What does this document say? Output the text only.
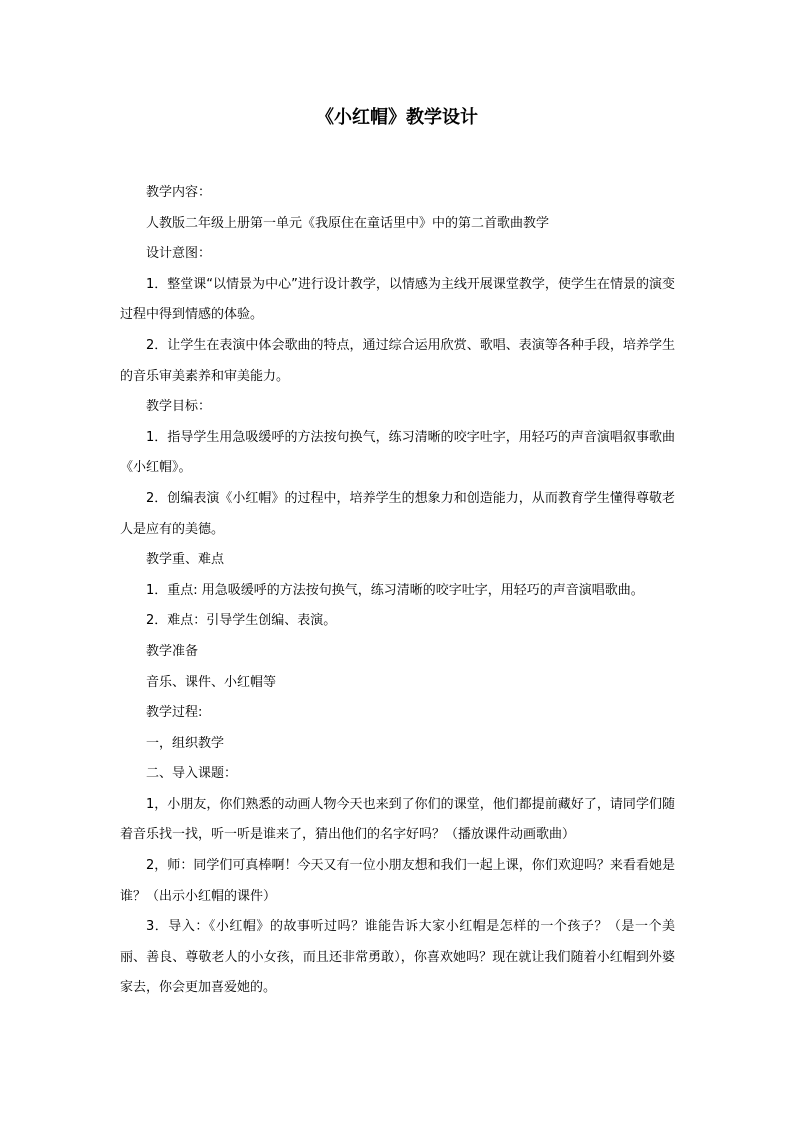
《小红帽》教学设计

教学内容：

人教版二年级上册第一单元《我原住在童话里中》中的第二首歌曲教学

设计意图：

1．整堂课“以情景为中心”进行设计教学，以情感为主线开展课堂教学，使学生在情景的演变过程中得到情感的体验。

2．让学生在表演中体会歌曲的特点，通过综合运用欣赏、歌唱、表演等各种手段，培养学生的音乐审美素养和审美能力。

教学目标：

1．指导学生用急吸缓呼的方法按句换气，练习清晰的咬字吐字，用轻巧的声音演唱叙事歌曲《小红帽》。

2．创编表演《小红帽》的过程中，培养学生的想象力和创造能力，从而教育学生懂得尊敬老人是应有的美德。

教学重、难点

1．重点: 用急吸缓呼的方法按句换气，练习清晰的咬字吐字，用轻巧的声音演唱歌曲。

2．难点：引导学生创编、表演。

教学准备

音乐、课件、小红帽等

教学过程:

一，组织教学

二、导入课题：

1，小朋友，你们熟悉的动画人物今天也来到了你们的课堂，他们都提前藏好了，请同学们随着音乐找一找，听一听是谁来了，猜出他们的名字好吗？（播放课件动画歌曲）

2，师：同学们可真棒啊！今天又有一位小朋友想和我们一起上课，你们欢迎吗？来看看她是谁？（出示小红帽的课件）

3．导入：《小红帽》的故事听过吗？谁能告诉大家小红帽是怎样的一个孩子？（是一个美丽、善良、尊敬老人的小女孩，而且还非常勇敢），你喜欢她吗？现在就让我们随着小红帽到外婆家去，你会更加喜爱她的。
